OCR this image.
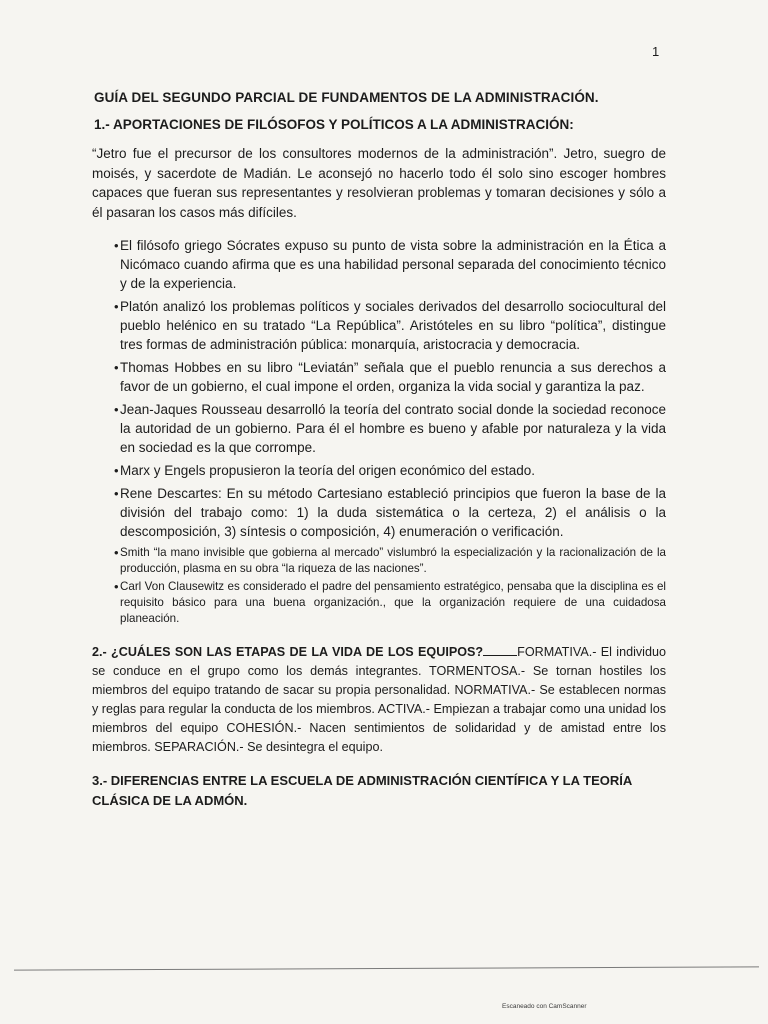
1
GUÍA DEL SEGUNDO PARCIAL DE FUNDAMENTOS DE LA ADMINISTRACIÓN.
1.- APORTACIONES DE FILÓSOFOS Y POLÍTICOS A LA ADMINISTRACIÓN:

“Jetro fue el precursor de los consultores modernos de la administración”. Jetro, suegro de moisés, y sacerdote de Madián. Le aconsejó no hacerlo todo él solo sino escoger hombres capaces que fueran sus representantes y resolvieran problemas y tomaran decisiones y sólo a él pasaran los casos más difíciles.

• El filósofo griego Sócrates expuso su punto de vista sobre la administración en la Ética a Nicómaco cuando afirma que es una habilidad personal separada del conocimiento técnico y de la experiencia.
• Platón analizó los problemas políticos y sociales derivados del desarrollo sociocultural del pueblo helénico en su tratado “La República”. Aristóteles en su libro “política”, distingue tres formas de administración pública: monarquía, aristocracia y democracia.
• Thomas Hobbes en su libro “Leviatán” señala que el pueblo renuncia a sus derechos a favor de un gobierno, el cual impone el orden, organiza la vida social y garantiza la paz.
• Jean-Jaques Rousseau desarrolló la teoría del contrato social donde la sociedad reconoce la autoridad de un gobierno. Para él el hombre es bueno y afable por naturaleza y la vida en sociedad es la que corrompe.
• Marx y Engels propusieron la teoría del origen económico del estado.
• Rene Descartes: En su método Cartesiano estableció principios que fueron la base de la división del trabajo como: 1) la duda sistemática o la certeza, 2) el análisis o la descomposición, 3) síntesis o composición, 4) enumeración o verificación.
• Smith “la mano invisible que gobierna al mercado” vislumbró la especialización y la racionalización de la producción, plasma en su obra “la riqueza de las naciones”.
• Carl Von Clausewitz es considerado el padre del pensamiento estratégico, pensaba que la disciplina es el requisito básico para una buena organización., que la organización requiere de una cuidadosa planeación.

2.- ¿CUÁLES SON LAS ETAPAS DE LA VIDA DE LOS EQUIPOS?	FORMATIVA.- El individuo se conduce en el grupo como los demás integrantes. TORMENTOSA.- Se tornan hostiles los miembros del equipo tratando de sacar su propia personalidad. NORMATIVA.- Se establecen normas y reglas para regular la conducta de los miembros. ACTIVA.- Empiezan a trabajar como una unidad los miembros del equipo COHESIÓN.- Nacen sentimientos de solidaridad y de amistad entre los miembros. SEPARACIÓN.- Se desintegra el equipo.

3.- DIFERENCIAS ENTRE LA ESCUELA DE ADMINISTRACIÓN CIENTÍFICA Y LA TEORÍA CLÁSICA DE LA ADMÓN.

Escaneado con CamScanner
